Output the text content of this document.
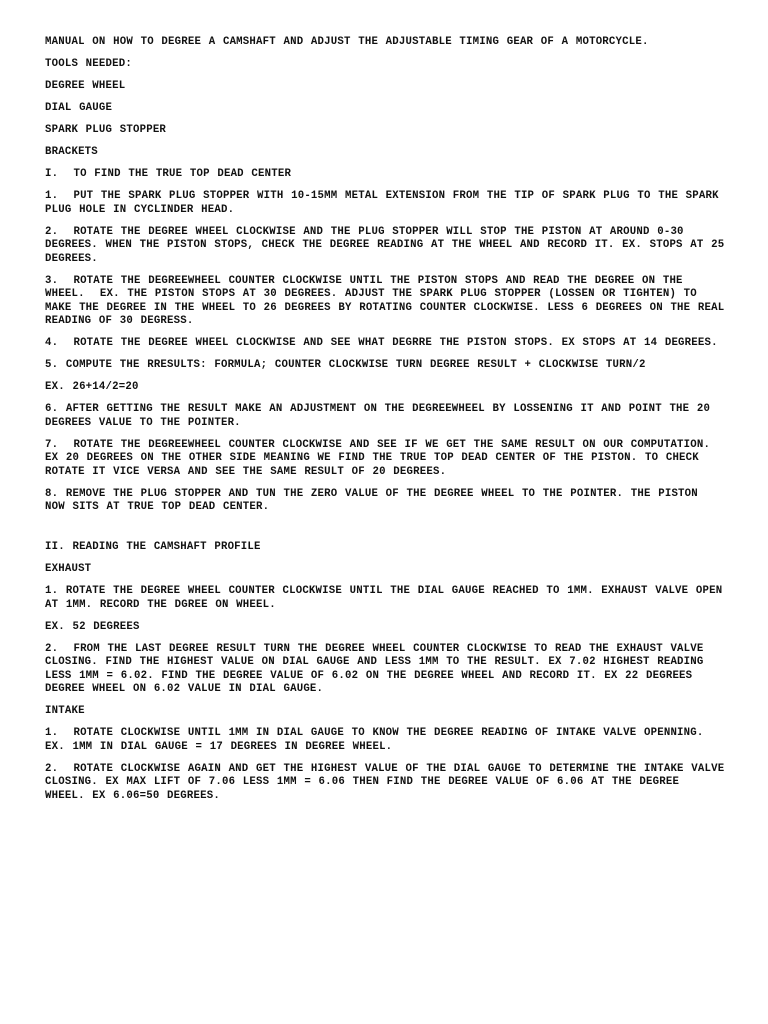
MANUAL ON HOW TO DEGREE A CAMSHAFT AND ADJUST THE ADJUSTABLE TIMING GEAR OF A MOTORCYCLE.

TOOLS NEEDED:

DEGREE WHEEL

DIAL GAUGE

SPARK PLUG STOPPER

BRACKETS

I.  TO FIND THE TRUE TOP DEAD CENTER

1.  PUT THE SPARK PLUG STOPPER WITH 10-15MM METAL EXTENSION FROM THE TIP OF SPARK PLUG TO THE SPARK PLUG HOLE IN CYCLINDER HEAD.

2.  ROTATE THE DEGREE WHEEL CLOCKWISE AND THE PLUG STOPPER WILL STOP THE PISTON AT AROUND 0-30 DEGREES. WHEN THE PISTON STOPS, CHECK THE DEGREE READING AT THE WHEEL AND RECORD IT. EX. STOPS AT 25 DEGREES.

3.  ROTATE THE DEGREEWHEEL COUNTER CLOCKWISE UNTIL THE PISTON STOPS AND READ THE DEGREE ON THE WHEEL.  EX. THE PISTON STOPS AT 30 DEGREES. ADJUST THE SPARK PLUG STOPPER (LOSSEN OR TIGHTEN) TO MAKE THE DEGREE IN THE WHEEL TO 26 DEGREES BY ROTATING COUNTER CLOCKWISE. LESS 6 DEGREES ON THE REAL READING OF 30 DEGRESS.

4.  ROTATE THE DEGREE WHEEL CLOCKWISE AND SEE WHAT DEGRRE THE PISTON STOPS. EX STOPS AT 14 DEGREES.

5. COMPUTE THE RRESULTS: FORMULA; COUNTER CLOCKWISE TURN DEGREE RESULT + CLOCKWISE TURN/2

EX. 26+14/2=20

6. AFTER GETTING THE RESULT MAKE AN ADJUSTMENT ON THE DEGREEWHEEL BY LOSSENING IT AND POINT THE 20 DEGREES VALUE TO THE POINTER.

7.  ROTATE THE DEGREEWHEEL COUNTER CLOCKWISE AND SEE IF WE GET THE SAME RESULT ON OUR COMPUTATION. EX 20 DEGREES ON THE OTHER SIDE MEANING WE FIND THE TRUE TOP DEAD CENTER OF THE PISTON. TO CHECK ROTATE IT VICE VERSA AND SEE THE SAME RESULT OF 20 DEGREES.

8. REMOVE THE PLUG STOPPER AND TUN THE ZERO VALUE OF THE DEGREE WHEEL TO THE POINTER. THE PISTON NOW SITS AT TRUE TOP DEAD CENTER.

II. READING THE CAMSHAFT PROFILE

EXHAUST

1. ROTATE THE DEGREE WHEEL COUNTER CLOCKWISE UNTIL THE DIAL GAUGE REACHED TO 1MM. EXHAUST VALVE OPEN AT 1MM. RECORD THE DGREE ON WHEEL.

EX. 52 DEGREES

2.  FROM THE LAST DEGREE RESULT TURN THE DEGREE WHEEL COUNTER CLOCKWISE TO READ THE EXHAUST VALVE CLOSING. FIND THE HIGHEST VALUE ON DIAL GAUGE AND LESS 1MM TO THE RESULT. EX 7.02 HIGHEST READING LESS 1MM = 6.02. FIND THE DEGREE VALUE OF 6.02 ON THE DEGREE WHEEL AND RECORD IT. EX 22 DEGREES DEGREE WHEEL ON 6.02 VALUE IN DIAL GAUGE.

INTAKE

1.  ROTATE CLOCKWISE UNTIL 1MM IN DIAL GAUGE TO KNOW THE DEGREE READING OF INTAKE VALVE OPENNING. EX. 1MM IN DIAL GAUGE = 17 DEGREES IN DEGREE WHEEL.

2.  ROTATE CLOCKWISE AGAIN AND GET THE HIGHEST VALUE OF THE DIAL GAUGE TO DETERMINE THE INTAKE VALVE CLOSING. EX MAX LIFT OF 7.06 LESS 1MM = 6.06 THEN FIND THE DEGREE VALUE OF 6.06 AT THE DEGREE WHEEL. EX 6.06=50 DEGREES.
